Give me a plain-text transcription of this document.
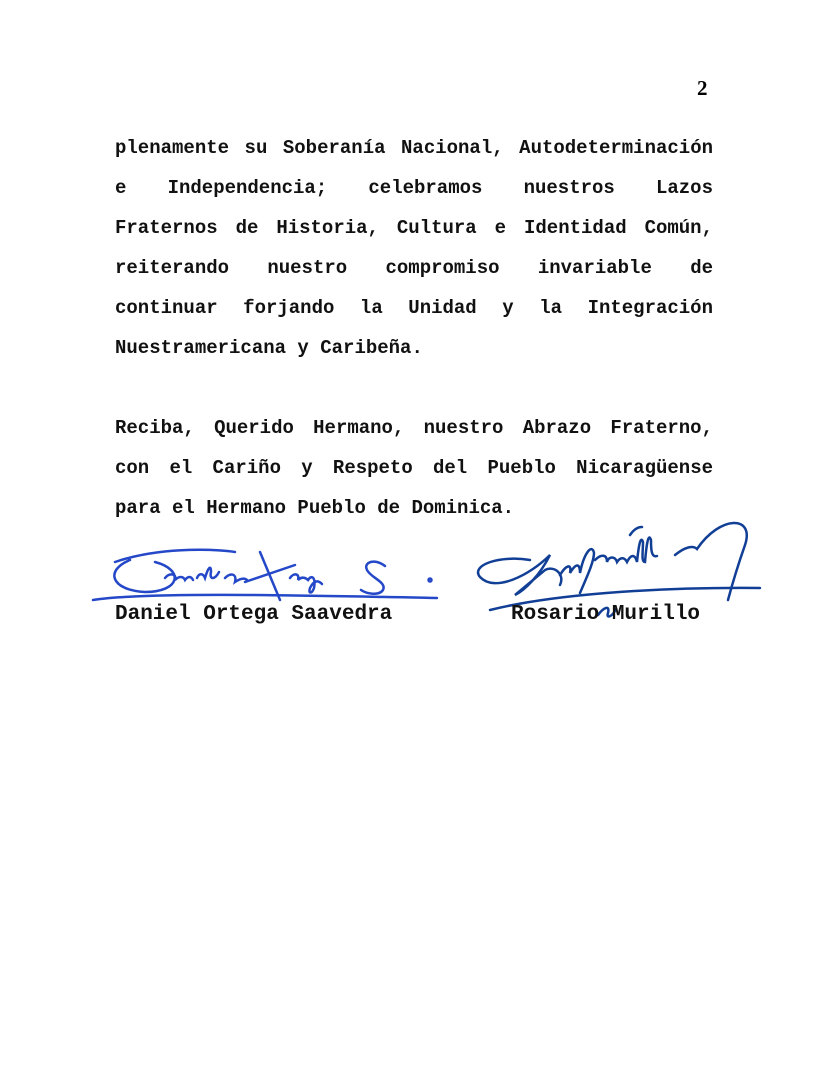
2
plenamente su Soberanía Nacional, Autodeterminación
e Independencia; celebramos nuestros Lazos
Fraternos de Historia, Cultura e Identidad Común,
reiterando nuestro compromiso invariable de
continuar forjando la Unidad y la Integración
Nuestramericana y Caribeña.
Reciba, Querido Hermano, nuestro Abrazo Fraterno,
con el Cariño y Respeto del Pueblo Nicaragüense
para el Hermano Pueblo de Dominica.
Daniel Ortega Saavedra	Rosario Murillo
